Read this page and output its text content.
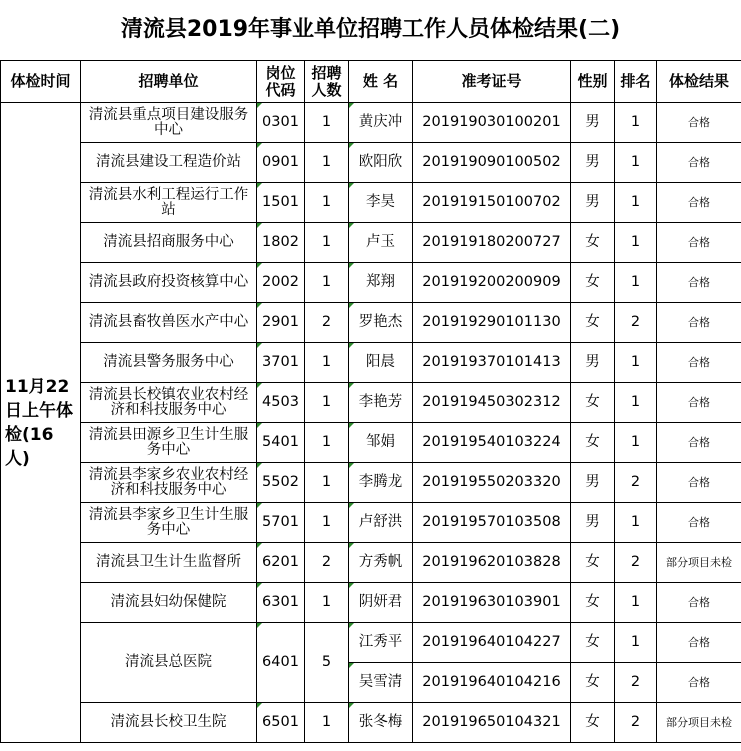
清流县2019年事业单位招聘工作人员体检结果(二)
体检时间	招聘单位	岗位代码	招聘人数	姓 名	准考证号	性别	排名	体检结果
11月22日上午体检(16人)	清流县重点项目建设服务中心	0301	1	黄庆冲	201919030100201	男	1	合格
	清流县建设工程造价站	0901	1	欧阳欣	201919090100502	男	1	合格
	清流县水利工程运行工作站	1501	1	李昊	201919150100702	男	1	合格
	清流县招商服务中心	1802	1	卢玉	201919180200727	女	1	合格
	清流县政府投资核算中心	2002	1	郑翔	201919200200909	女	1	合格
	清流县畜牧兽医水产中心	2901	2	罗艳杰	201919290101130	女	2	合格
	清流县警务服务中心	3701	1	阳晨	201919370101413	男	1	合格
	清流县长校镇农业农村经济和科技服务中心	4503	1	李艳芳	201919450302312	女	1	合格
	清流县田源乡卫生计生服务中心	5401	1	邹娟	201919540103224	女	1	合格
	清流县李家乡农业农村经济和科技服务中心	5502	1	李腾龙	201919550203320	男	2	合格
	清流县李家乡卫生计生服务中心	5701	1	卢舒洪	201919570103508	男	1	合格
	清流县卫生计生监督所	6201	2	方秀帆	201919620103828	女	2	部分项目未检
	清流县妇幼保健院	6301	1	阴妍君	201919630103901	女	1	合格
	清流县总医院	6401	5	江秀平	201919640104227	女	1	合格
				吴雪清	201919640104216	女	2	合格
	清流县长校卫生院	6501	1	张冬梅	201919650104321	女	2	部分项目未检
